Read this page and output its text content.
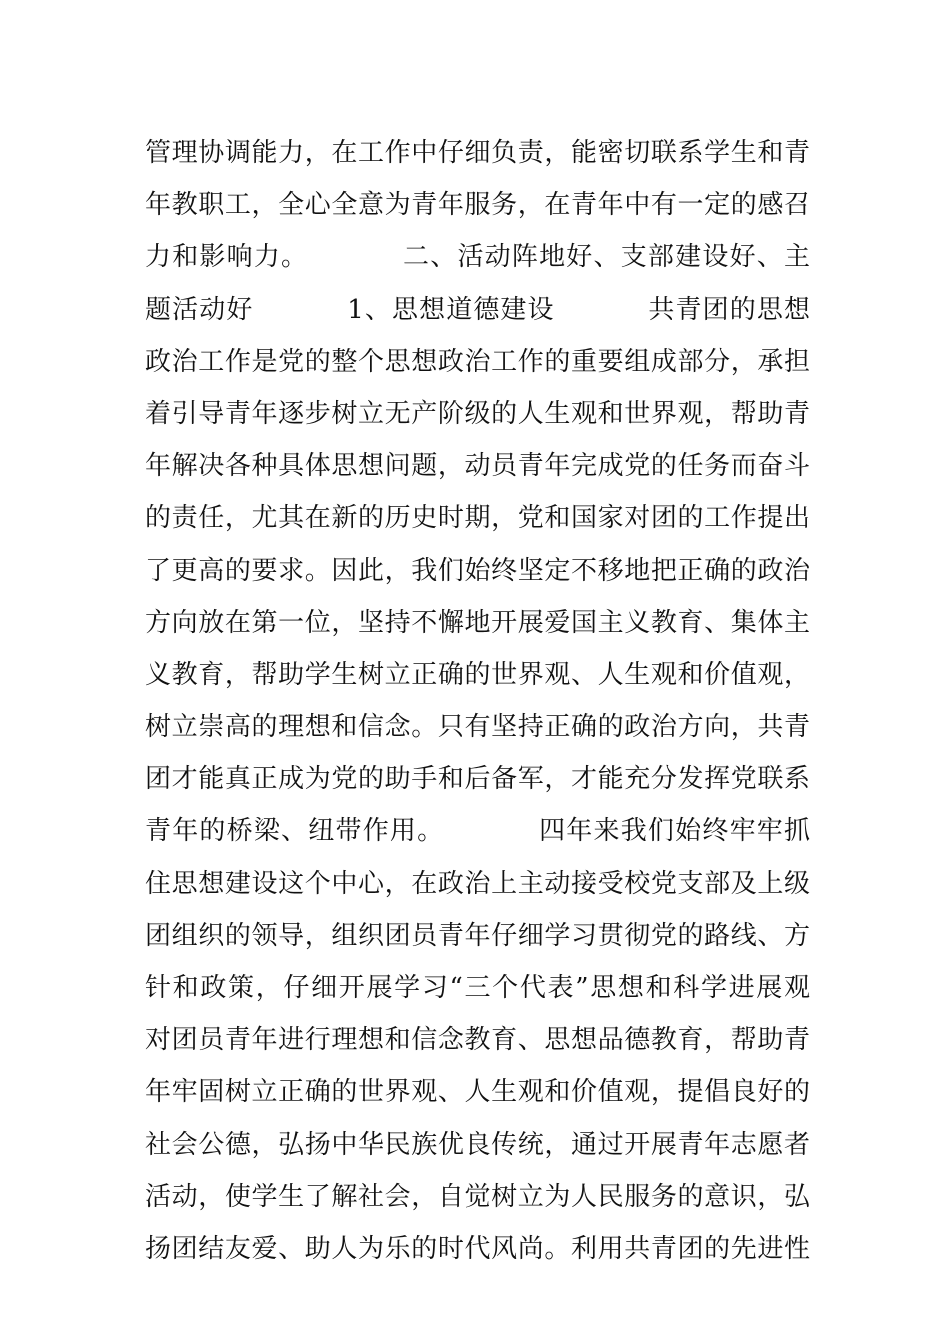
管理协调能力，在工作中仔细负责，能密切联系学生和青
年教职工，全心全意为青年服务，在青年中有一定的感召
力和影响力。          二、活动阵地好、支部建设好、主
题活动好          1、思想道德建设          共青团的思想
政治工作是党的整个思想政治工作的重要组成部分，承担
着引导青年逐步树立无产阶级的人生观和世界观，帮助青
年解决各种具体思想问题，动员青年完成党的任务而奋斗
的责任，尤其在新的历史时期，党和国家对团的工作提出
了更高的要求。因此，我们始终坚定不移地把正确的政治
方向放在第一位，坚持不懈地开展爱国主义教育、集体主
义教育，帮助学生树立正确的世界观、人生观和价值观，
树立崇高的理想和信念。只有坚持正确的政治方向，共青
团才能真正成为党的助手和后备军，才能充分发挥党联系
青年的桥梁、纽带作用。          四年来我们始终牢牢抓
住思想建设这个中心，在政治上主动接受校党支部及上级
团组织的领导，组织团员青年仔细学习贯彻党的路线、方
针和政策，仔细开展学习“三个代表”思想和科学进展观
对团员青年进行理想和信念教育、思想品德教育，帮助青
年牢固树立正确的世界观、人生观和价值观，提倡良好的
社会公德，弘扬中华民族优良传统，通过开展青年志愿者
活动，使学生了解社会，自觉树立为人民服务的意识，弘
扬团结友爱、助人为乐的时代风尚。利用共青团的先进性
